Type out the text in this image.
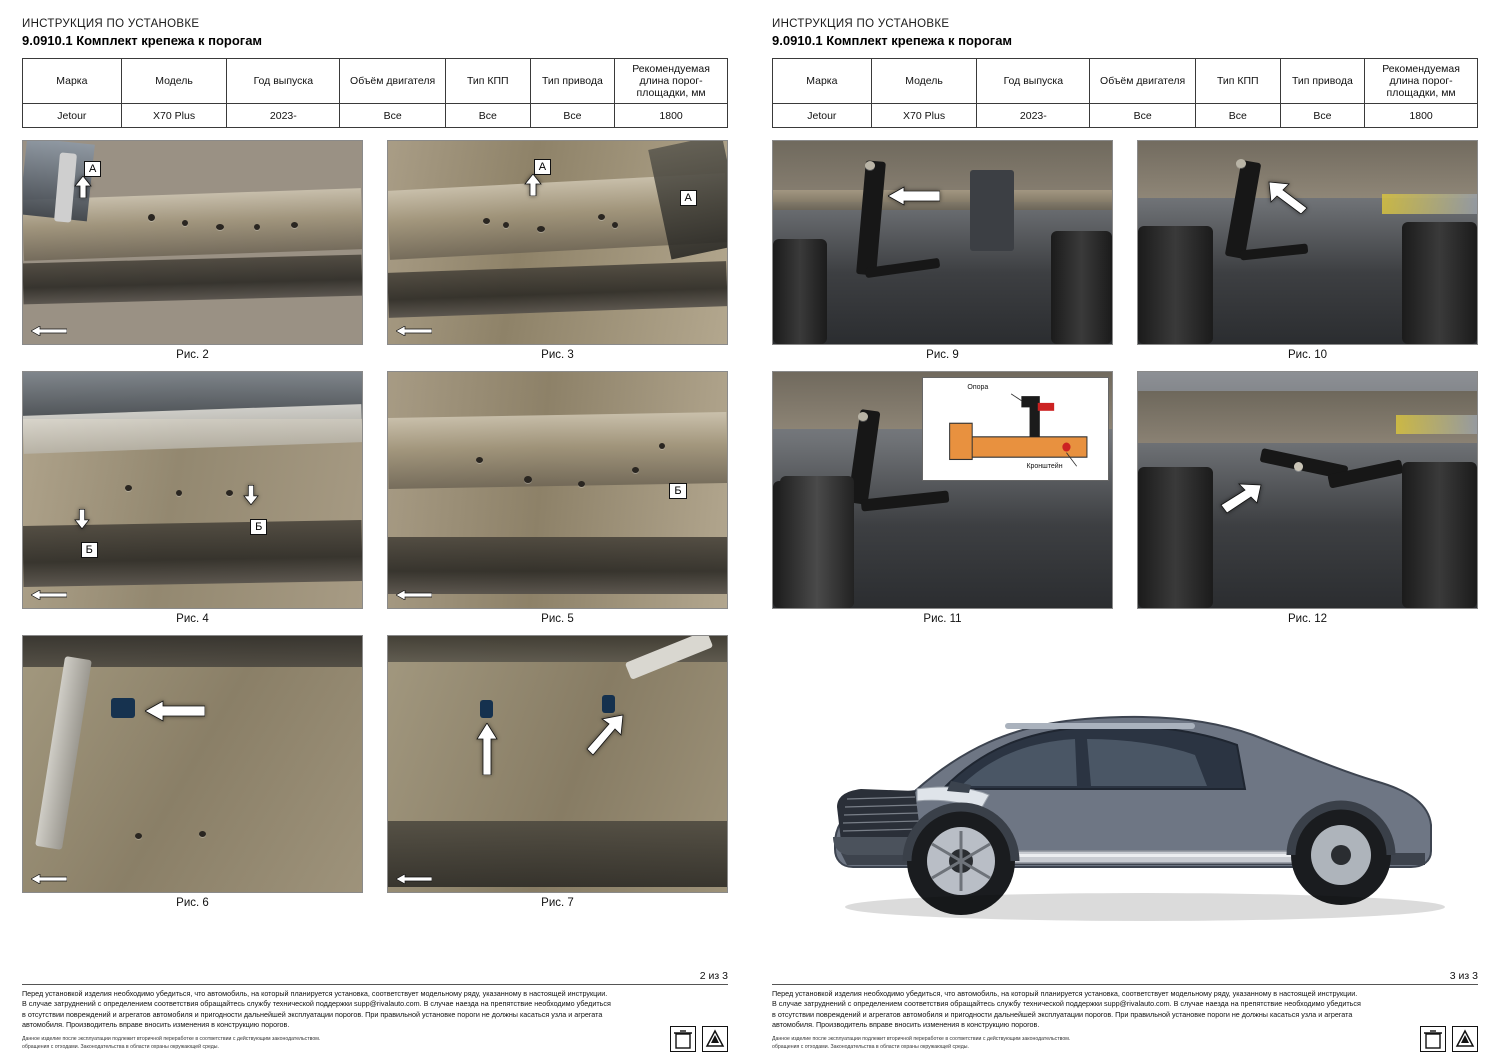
ИНСТРУКЦИЯ ПО УСТАНОВКЕ
9.0910.1 Комплект крепежа к порогам
Марка	Модель	Год выпуска	Объём двигателя	Тип КПП	Тип привода	Рекомендуемая длина порог-площадки, мм
Jetour	X70 Plus	2023-	Все	Все	Все	1800
А
Рис. 2
А
А
Рис. 3
Б
Б
Рис. 4
Б
Рис. 5
Рис. 6	Рис. 7
2 из 3
Перед установкой изделия необходимо убедиться, что автомобиль, на который планируется установка, соответствует модельному ряду, указанному в настоящей инструкции.
В случае затруднений с определением соответствия обращайтесь службу технической поддержки supp@rivalauto.com. В случае наезда на препятствие необходимо убедиться
в отсутствии повреждений и агрегатов автомобиля и пригодности дальнейшей эксплуатации порогов. При правильной установке пороги не должны касаться узла и агрегата
автомобиля. Производитель вправе вносить изменения в конструкцию порогов.
Данное изделие после эксплуатации подлежит вторичной переработке в соответствии с действующим законодательством.
обращения с отходами. Законодательства в области охраны окружающей среды.
ИНСТРУКЦИЯ ПО УСТАНОВКЕ
9.0910.1 Комплект крепежа к порогам
Марка	Модель	Год выпуска	Объём двигателя	Тип КПП	Тип привода	Рекомендуемая длина порог-площадки, мм
Jetour	X70 Plus	2023-	Все	Все	Все	1800
Рис. 9	Рис. 10
Опора
Кронштейн
Рис. 11	Рис. 12
3 из 3
Перед установкой изделия необходимо убедиться, что автомобиль, на который планируется установка, соответствует модельному ряду, указанному в настоящей инструкции.
В случае затруднений с определением соответствия обращайтесь службу технической поддержки supp@rivalauto.com. В случае наезда на препятствие необходимо убедиться
в отсутствии повреждений и агрегатов автомобиля и пригодности дальнейшей эксплуатации порогов. При правильной установке пороги не должны касаться узла и агрегата
автомобиля. Производитель вправе вносить изменения в конструкцию порогов.
Данное изделие после эксплуатации подлежит вторичной переработке в соответствии с действующим законодательством.
обращения с отходами. Законодательства в области охраны окружающей среды.
